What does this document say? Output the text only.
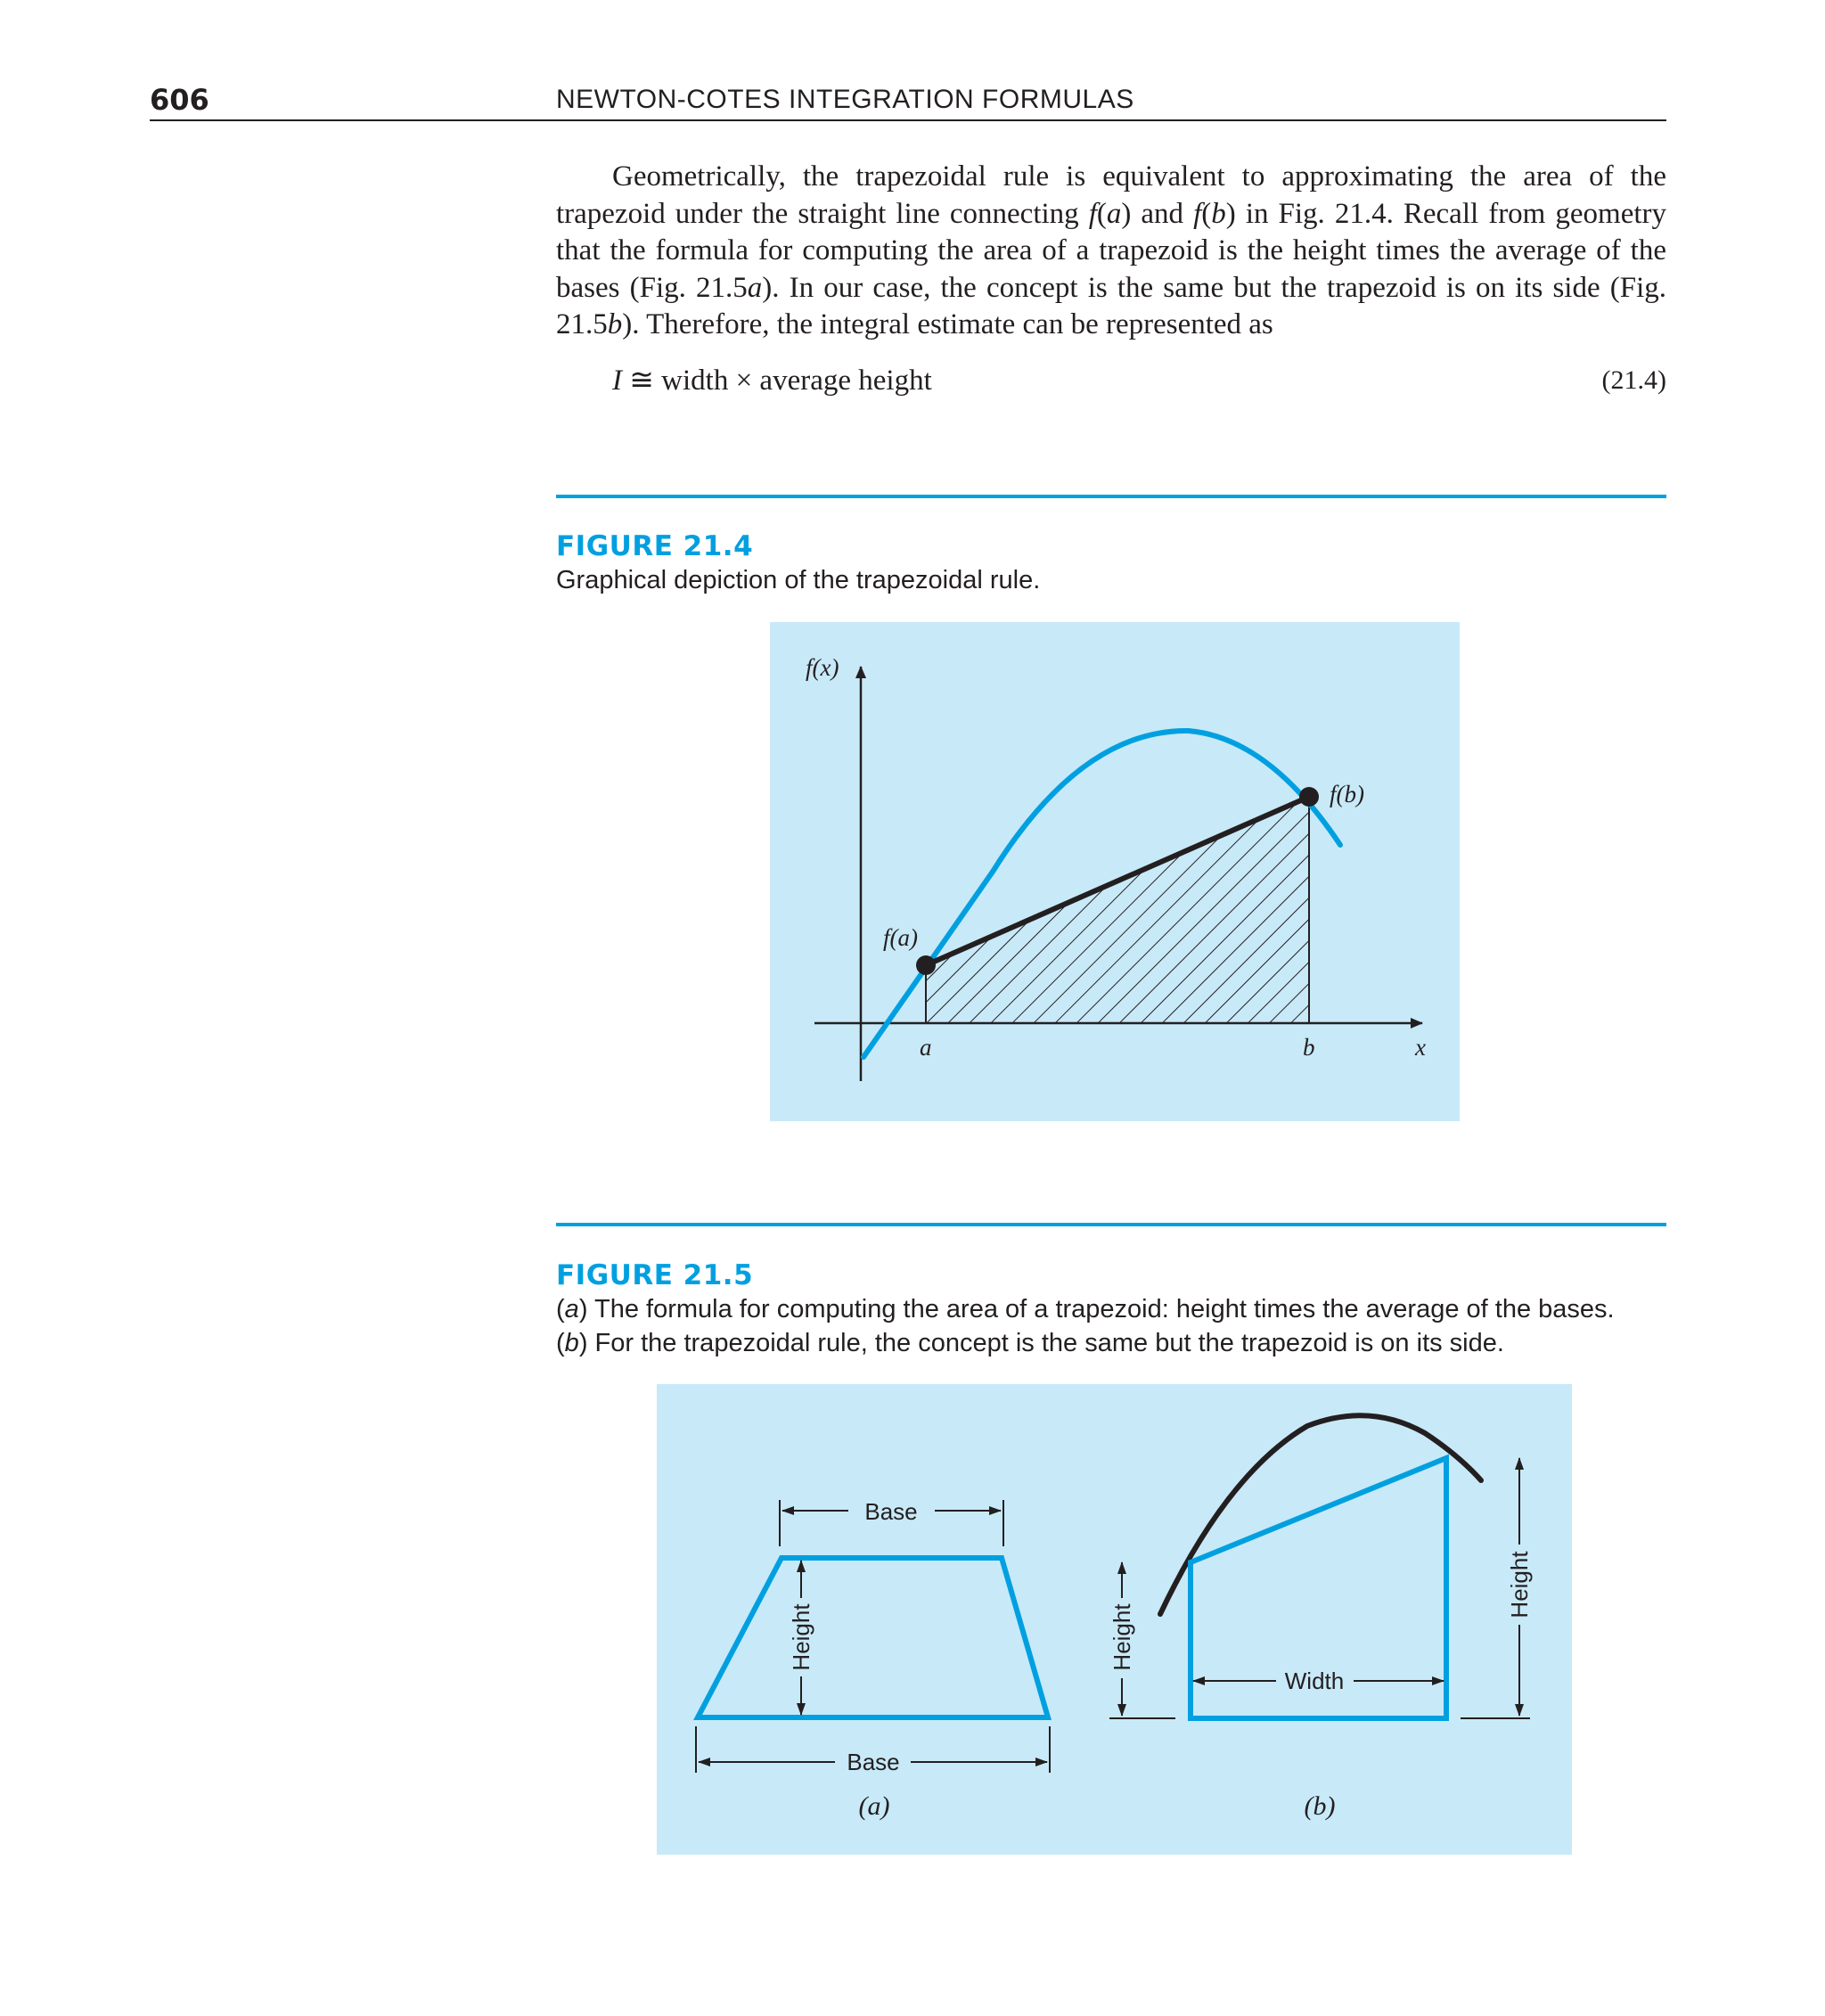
606	NEWTON-COTES INTEGRATION FORMULAS

Geometrically, the trapezoidal rule is equivalent to approximating the area of the trapezoid under the straight line connecting f(a) and f(b) in Fig. 21.4. Recall from geometry that the formula for computing the area of a trapezoid is the height times the average of the bases (Fig. 21.5a). In our case, the concept is the same but the trapezoid is on its side (Fig. 21.5b). Therefore, the integral estimate can be represented as

I ≅ width × average height	(21.4)
FIGURE 21.4

Graphical depiction of the trapezoidal rule.

f(x)
x
a	b
f(a)
f(b)
FIGURE 21.5

(a) The formula for computing the area of a trapezoid: height times the average of the bases.

(b) For the trapezoidal rule, the concept is the same but the trapezoid is on its side.

Base
Height
Base
(a)
Height
Width
Height
(b)
